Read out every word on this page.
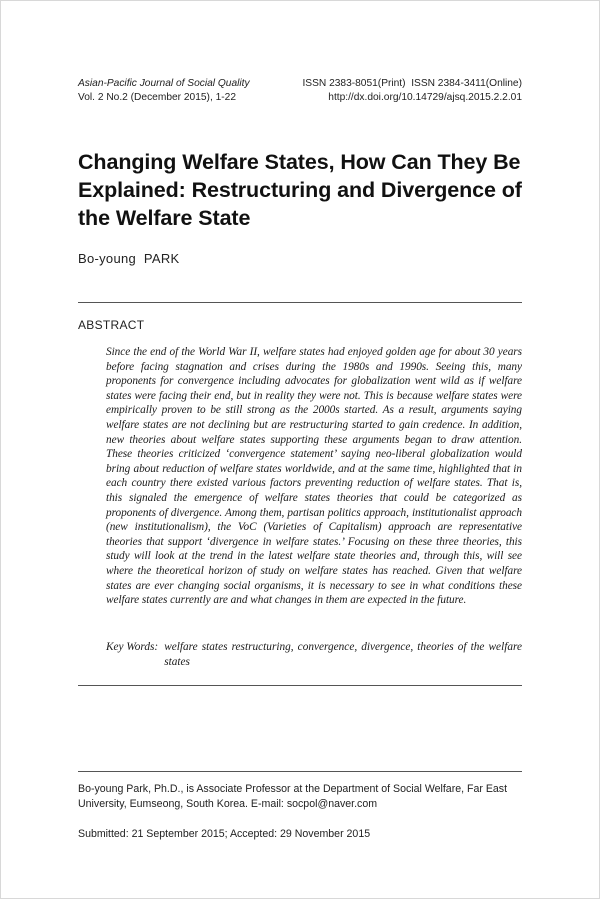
Asian-Pacific Journal of Social Quality
Vol. 2 No.2 (December 2015), 1-22
ISSN 2383-8051(Print)  ISSN 2384-3411(Online)
http://dx.doi.org/10.14729/ajsq.2015.2.2.01
Changing Welfare States, How Can They Be Explained: Restructuring and Divergence of the Welfare State
Bo-young  PARK
ABSTRACT

Since the end of the World War II, welfare states had enjoyed golden age for about 30 years before facing stagnation and crises during the 1980s and 1990s. Seeing this, many proponents for convergence including advocates for globalization went wild as if welfare states were facing their end, but in reality they were not. This is because welfare states were empirically proven to be still strong as the 2000s started. As a result, arguments saying welfare states are not declining but are restructuring started to gain credence. In addition, new theories about welfare states supporting these arguments began to draw attention. These theories criticized ‘convergence statement’ saying neo-liberal globalization would bring about reduction of welfare states worldwide, and at the same time, highlighted that in each country there existed various factors preventing reduction of welfare states. That is, this signaled the emergence of welfare states theories that could be categorized as proponents of divergence. Among them, partisan politics approach, institutionalist approach (new institutionalism), the VoC (Varieties of Capitalism) approach are representative theories that support ‘divergence in welfare states.’ Focusing on these three theories, this study will look at the trend in the latest welfare state theories and, through this, will see where the theoretical horizon of study on welfare states has reached. Given that welfare states are ever changing social organisms, it is necessary to see in what conditions these welfare states currently are and what changes in them are expected in the future.

Key Words: welfare states restructuring, convergence, divergence, theories of the welfare states

Bo-young Park, Ph.D., is Associate Professor at the Department of Social Welfare, Far East University, Eumseong, South Korea. E-mail: socpol@naver.com

Submitted: 21 September 2015; Accepted: 29 November 2015
